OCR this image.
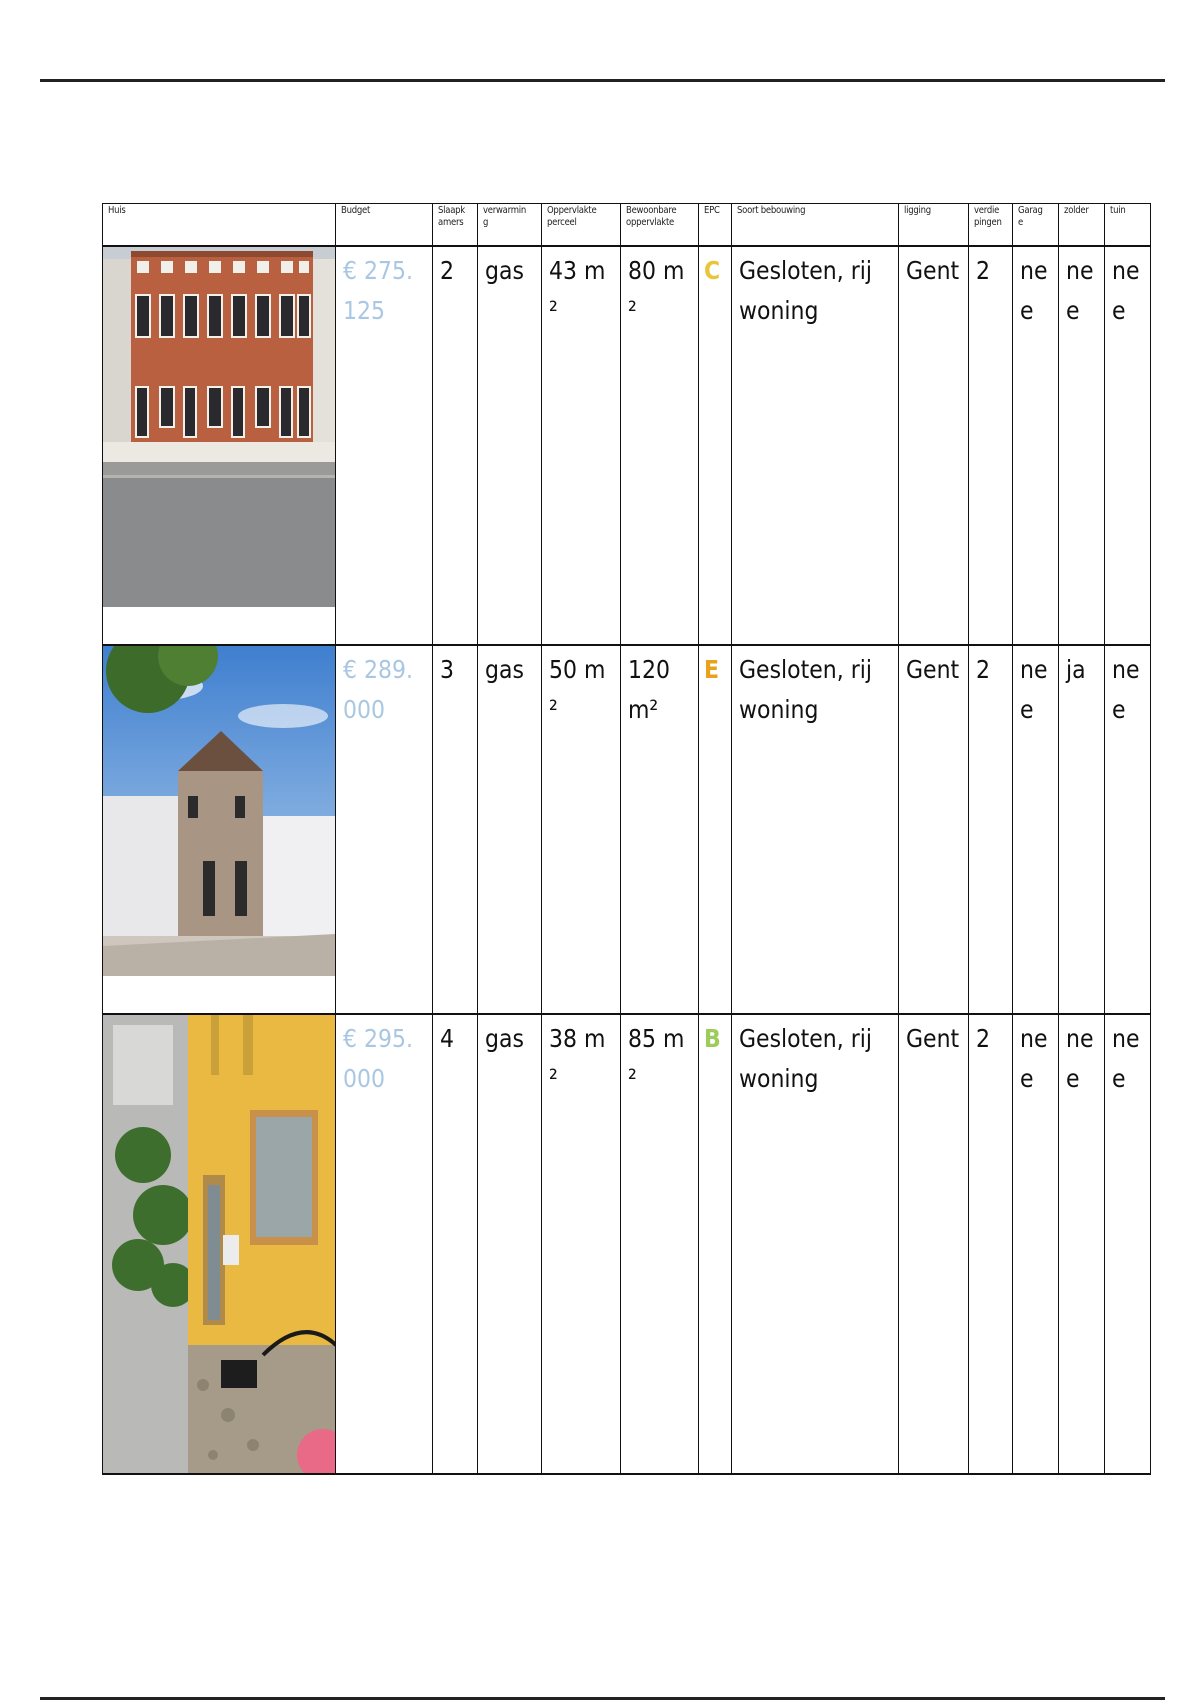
Huis	Budget	Slaapk amers	verwarmin g	Oppervlakte perceel	Bewoonbare oppervlakte	EPC	Soort bebouwing	ligging	verdie pingen	Garag e	zolder	tuin

	€ 275.125	2	gas	43 m²	80 m²	C	Gesloten, rijwoning	Gent	2	nee	nee	nee

	€ 289.000	3	gas	50 m²	120 m²	E	Gesloten, rijwoning	Gent	2	nee	ja	nee

	€ 295.000	4	gas	38 m²	85 m²	B	Gesloten, rijwoning	Gent	2	nee	nee	nee
